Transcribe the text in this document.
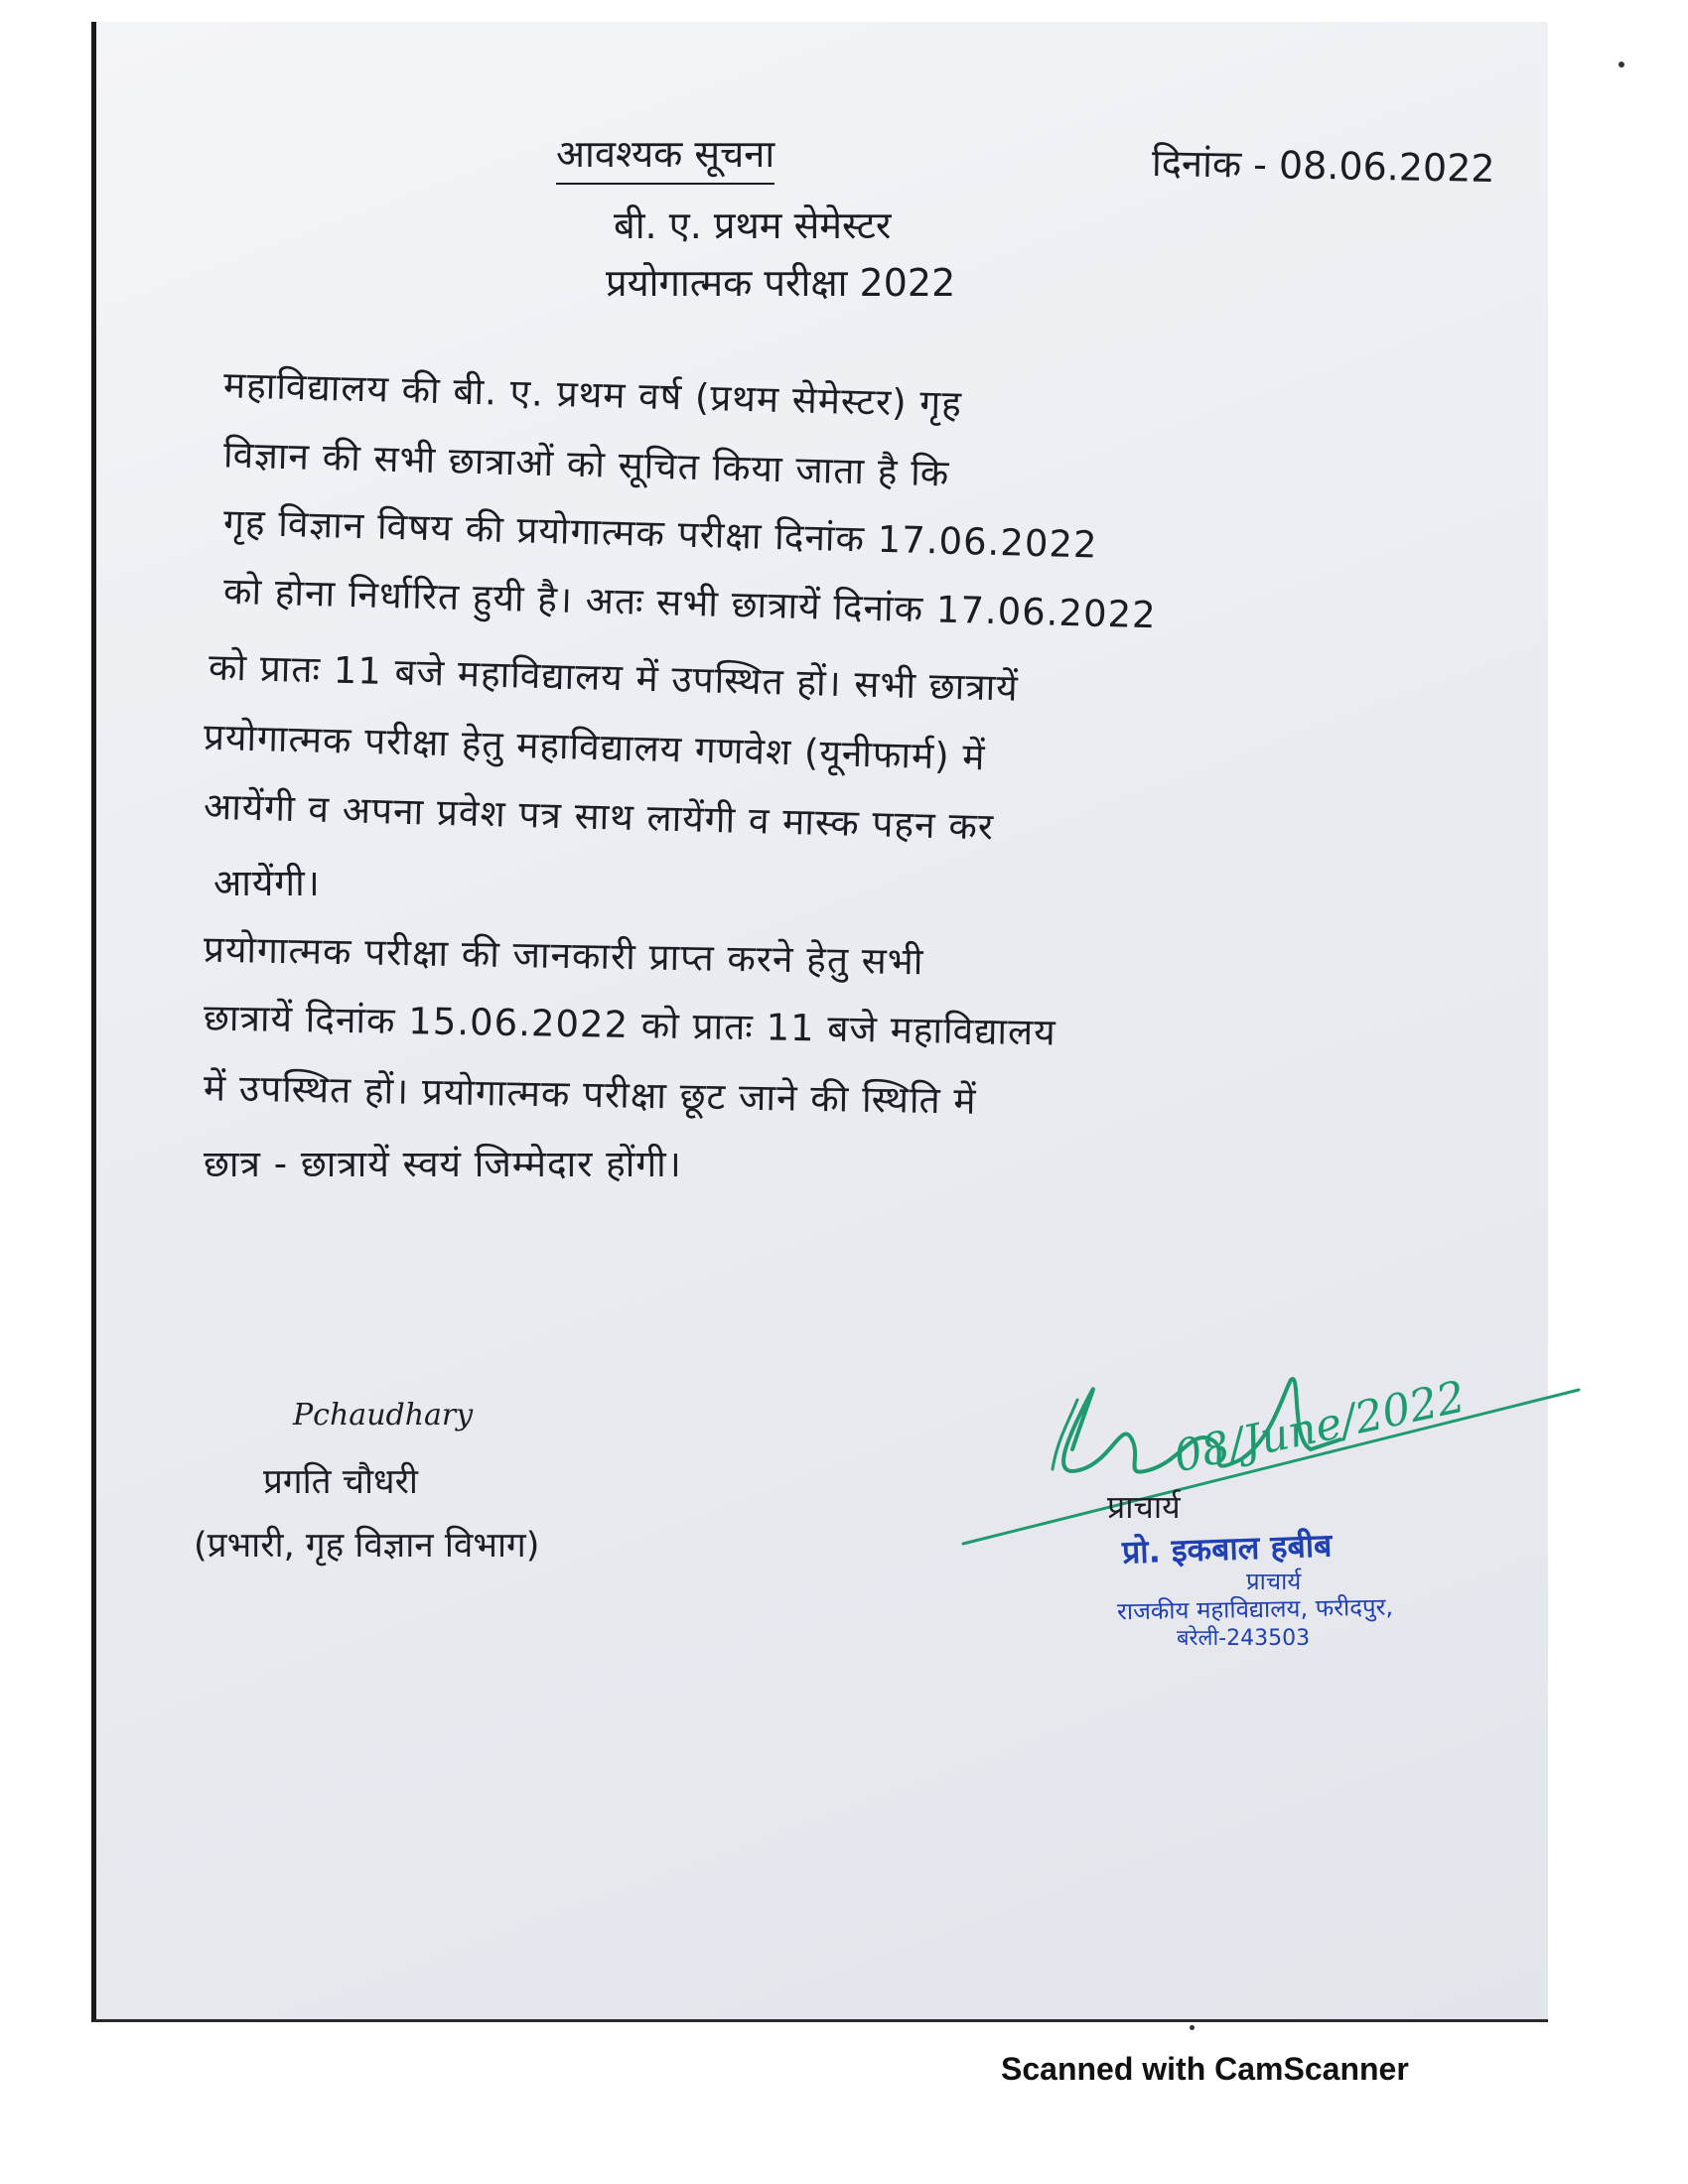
आवश्यक सूचना	दिनांक - 08.06.2022
बी. ए. प्रथम सेमेस्टर
प्रयोगात्मक परीक्षा 2022
महाविद्यालय की बी. ए. प्रथम वर्ष (प्रथम सेमेस्टर) गृह
विज्ञान की सभी छात्राओं को सूचित किया जाता है कि
गृह विज्ञान विषय की प्रयोगात्मक परीक्षा दिनांक 17.06.2022
को होना निर्धारित हुयी है। अतः सभी छात्रायें दिनांक 17.06.2022
को प्रातः 11 बजे महाविद्यालय में उपस्थित हों। सभी छात्रायें
प्रयोगात्मक परीक्षा हेतु महाविद्यालय गणवेश (यूनीफार्म) में
आयेंगी व अपना प्रवेश पत्र साथ लायेंगी व मास्क पहन कर
आयेंगी।
प्रयोगात्मक परीक्षा की जानकारी प्राप्त करने हेतु सभी
छात्रायें दिनांक 15.06.2022 को प्रातः 11 बजे महाविद्यालय
में उपस्थित हों। प्रयोगात्मक परीक्षा छूट जाने की स्थिति में
छात्र - छात्रायें स्वयं जिम्मेदार होंगी।
Pchaudhary
प्रगति चौधरी
(प्रभारी, गृह विज्ञान विभाग)
08/June/2022
प्राचार्य
प्रो. इकबाल हबीब
प्राचार्य
राजकीय महाविद्यालय, फरीदपुर,
बरेली-243503
Scanned with CamScanner
